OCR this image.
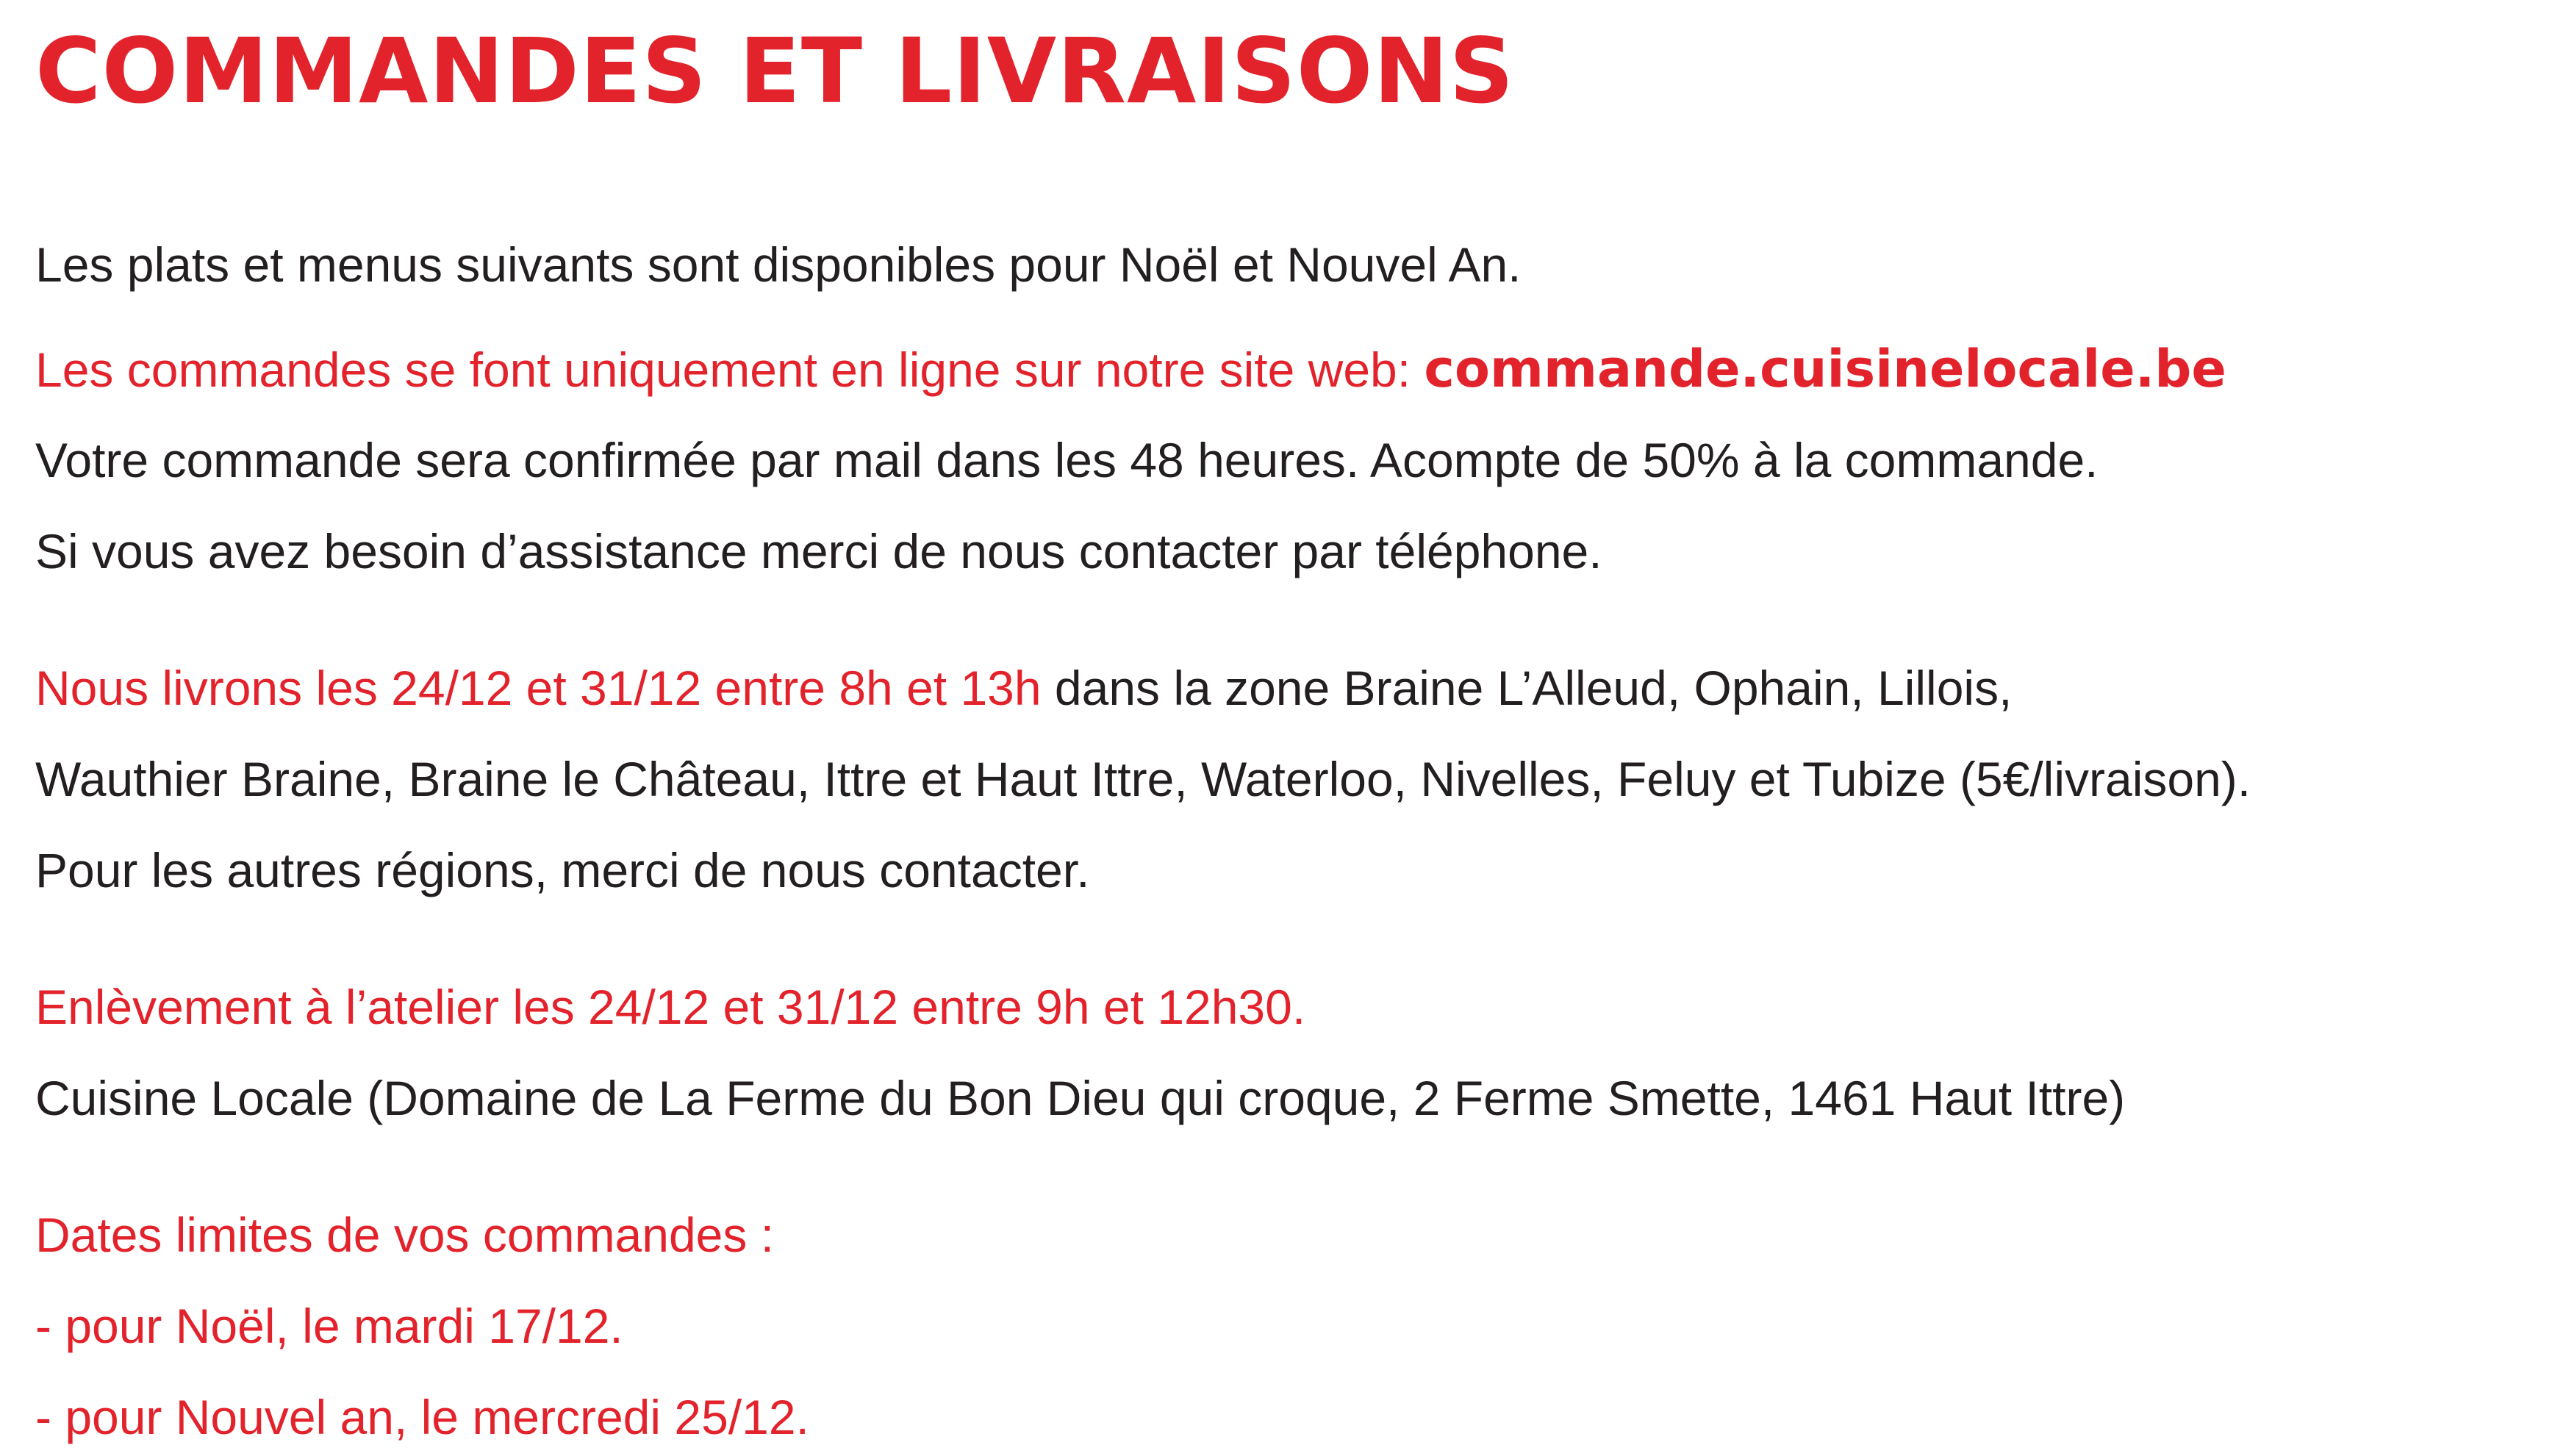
COMMANDES ET LIVRAISONS

Les plats et menus suivants sont disponibles pour Noël et Nouvel An.

Les commandes se font uniquement en ligne sur notre site web: commande.cuisinelocale.be

Votre commande sera confirmée par mail dans les 48 heures. Acompte de 50% à la commande.

Si vous avez besoin d’assistance merci de nous contacter par téléphone.

Nous livrons les 24/12 et 31/12 entre 8h et 13h dans la zone Braine L’Alleud, Ophain, Lillois,

Wauthier Braine, Braine le Château, Ittre et Haut Ittre, Waterloo, Nivelles, Feluy et Tubize (5€/livraison).

Pour les autres régions, merci de nous contacter.

Enlèvement à l’atelier les 24/12 et 31/12 entre 9h et 12h30.

Cuisine Locale (Domaine de La Ferme du Bon Dieu qui croque, 2 Ferme Smette, 1461 Haut Ittre)

Dates limites de vos commandes :

- pour Noël, le mardi 17/12.

- pour Nouvel an, le mercredi 25/12.
